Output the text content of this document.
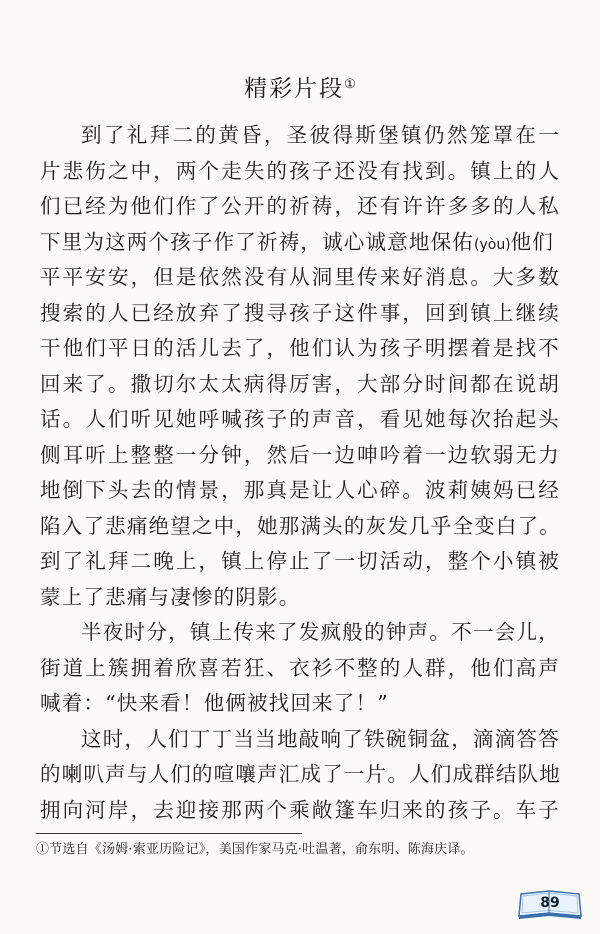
精彩片段①
到了礼拜二的黄昏，圣彼得斯堡镇仍然笼罩在一
片悲伤之中，两个走失的孩子还没有找到。镇上的人
们已经为他们作了公开的祈祷，还有许许多多的人私
下里为这两个孩子作了祈祷，诚心诚意地保佑(yòu)他们
平平安安，但是依然没有从洞里传来好消息。大多数
搜索的人已经放弃了搜寻孩子这件事，回到镇上继续
干他们平日的活儿去了，他们认为孩子明摆着是找不
回来了。撒切尔太太病得厉害，大部分时间都在说胡
话。人们听见她呼喊孩子的声音，看见她每次抬起头
侧耳听上整整一分钟，然后一边呻吟着一边软弱无力
地倒下头去的情景，那真是让人心碎。波莉姨妈已经
陷入了悲痛绝望之中，她那满头的灰发几乎全变白了。
到了礼拜二晚上，镇上停止了一切活动，整个小镇被
蒙上了悲痛与凄惨的阴影。
半夜时分，镇上传来了发疯般的钟声。不一会儿，
街道上簇拥着欣喜若狂、衣衫不整的人群，他们高声
喊着：“快来看！他俩被找回来了！”
这时，人们丁丁当当地敲响了铁碗铜盆，滴滴答答
的喇叭声与人们的喧嚷声汇成了一片。人们成群结队地
拥向河岸，去迎接那两个乘敞篷车归来的孩子。车子
①节选自《汤姆·索亚历险记》，美国作家马克·吐温著，俞东明、陈海庆译。
89
